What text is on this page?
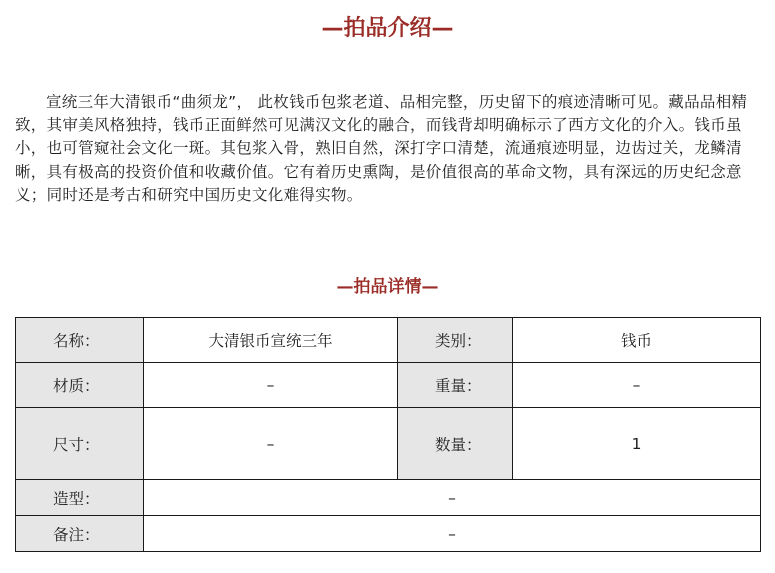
—拍品介绍—
宣统三年大清银币“曲须龙”， 此枚钱币包浆老道、品相完整，历史留下的痕迹清晰可见。藏品品相精致，其审美风格独持，钱币正面鲜然可见满汉文化的融合，而钱背却明确标示了西方文化的介入。钱币虽小，也可管窥社会文化一斑。其包浆入骨，熟旧自然，深打字口清楚，流通痕迹明显，边齿过关，龙鳞清晰，具有极高的投资价值和收藏价值。它有着历史熏陶，是价值很高的革命文物，具有深远的历史纪念意义；同时还是考古和研究中国历史文化难得实物。
—拍品详情—
名称：	大清银币宣统三年	类别：	钱币
材质：	–	重量：	–
尺寸：	–	数量：	1
造型：	–		
备注：	–		
